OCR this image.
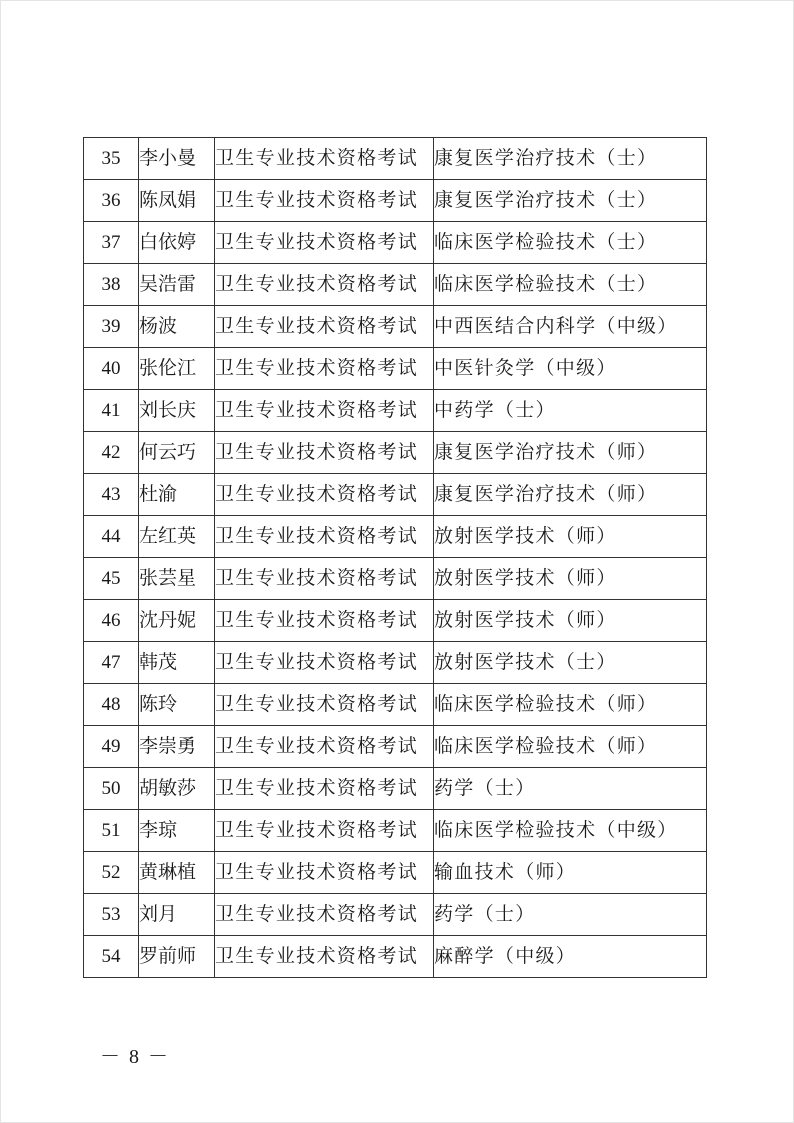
35	李小曼	卫生专业技术资格考试	康复医学治疗技术（士）
36	陈凤娟	卫生专业技术资格考试	康复医学治疗技术（士）
37	白依婷	卫生专业技术资格考试	临床医学检验技术（士）
38	吴浩雷	卫生专业技术资格考试	临床医学检验技术（士）
39	杨波	卫生专业技术资格考试	中西医结合内科学（中级）
40	张伦江	卫生专业技术资格考试	中医针灸学（中级）
41	刘长庆	卫生专业技术资格考试	中药学（士）
42	何云巧	卫生专业技术资格考试	康复医学治疗技术（师）
43	杜渝	卫生专业技术资格考试	康复医学治疗技术（师）
44	左红英	卫生专业技术资格考试	放射医学技术（师）
45	张芸星	卫生专业技术资格考试	放射医学技术（师）
46	沈丹妮	卫生专业技术资格考试	放射医学技术（师）
47	韩茂	卫生专业技术资格考试	放射医学技术（士）
48	陈玲	卫生专业技术资格考试	临床医学检验技术（师）
49	李崇勇	卫生专业技术资格考试	临床医学检验技术（师）
50	胡敏莎	卫生专业技术资格考试	药学（士）
51	李琼	卫生专业技术资格考试	临床医学检验技术（中级）
52	黄琳植	卫生专业技术资格考试	输血技术（师）
53	刘月	卫生专业技术资格考试	药学（士）
54	罗前师	卫生专业技术资格考试	麻醉学（中级）
－ 8 －
